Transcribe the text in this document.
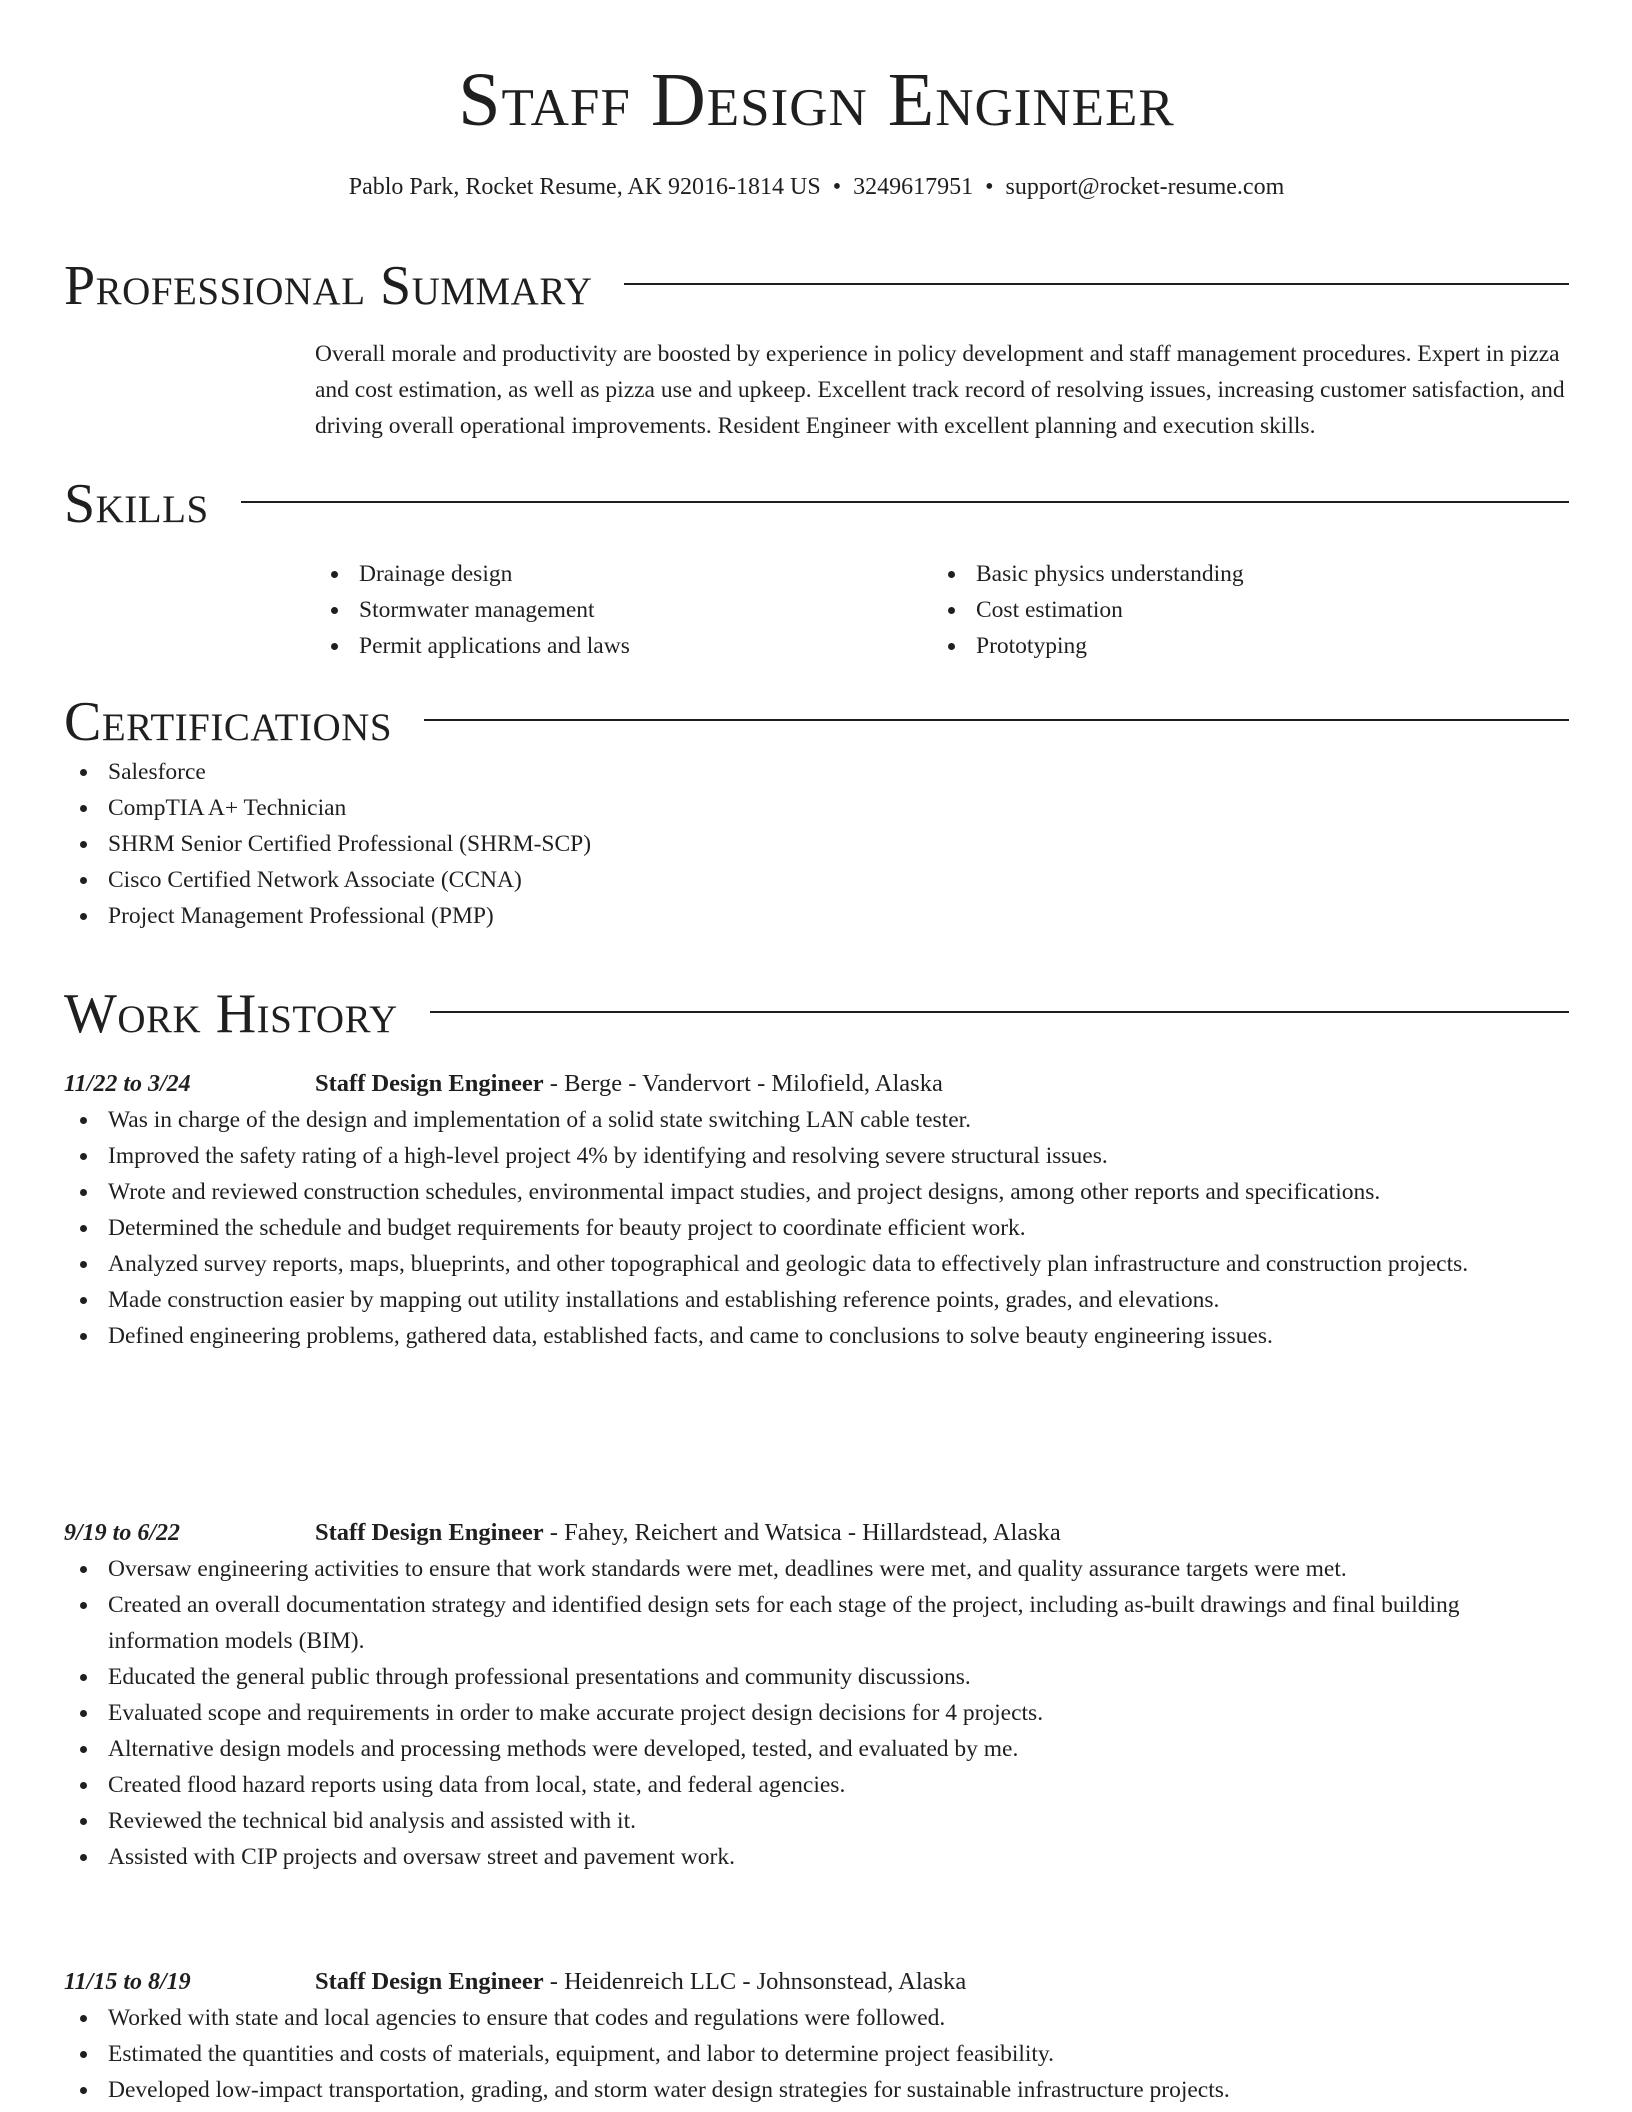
Staff Design Engineer
Pablo Park, Rocket Resume, AK 92016-1814 US • 3249617951 • support@rocket-resume.com
Professional Summary
Overall morale and productivity are boosted by experience in policy development and staff management procedures. Expert in pizza and cost estimation, as well as pizza use and upkeep. Excellent track record of resolving issues, increasing customer satisfaction, and driving overall operational improvements. Resident Engineer with excellent planning and execution skills.
Skills
Drainage design
Stormwater management
Permit applications and laws
Basic physics understanding
Cost estimation
Prototyping
Certifications
Salesforce
CompTIA A+ Technician
SHRM Senior Certified Professional (SHRM-SCP)
Cisco Certified Network Associate (CCNA)
Project Management Professional (PMP)
Work History
11/22 to 3/24	Staff Design Engineer - Berge - Vandervort - Milofield, Alaska
Was in charge of the design and implementation of a solid state switching LAN cable tester.
Improved the safety rating of a high-level project 4% by identifying and resolving severe structural issues.
Wrote and reviewed construction schedules, environmental impact studies, and project designs, among other reports and specifications.
Determined the schedule and budget requirements for beauty project to coordinate efficient work.
Analyzed survey reports, maps, blueprints, and other topographical and geologic data to effectively plan infrastructure and construction projects.
Made construction easier by mapping out utility installations and establishing reference points, grades, and elevations.
Defined engineering problems, gathered data, established facts, and came to conclusions to solve beauty engineering issues.
9/19 to 6/22	Staff Design Engineer - Fahey, Reichert and Watsica - Hillardstead, Alaska
Oversaw engineering activities to ensure that work standards were met, deadlines were met, and quality assurance targets were met.
Created an overall documentation strategy and identified design sets for each stage of the project, including as-built drawings and final building information models (BIM).
Educated the general public through professional presentations and community discussions.
Evaluated scope and requirements in order to make accurate project design decisions for 4 projects.
Alternative design models and processing methods were developed, tested, and evaluated by me.
Created flood hazard reports using data from local, state, and federal agencies.
Reviewed the technical bid analysis and assisted with it.
Assisted with CIP projects and oversaw street and pavement work.
11/15 to 8/19	Staff Design Engineer - Heidenreich LLC - Johnsonstead, Alaska
Worked with state and local agencies to ensure that codes and regulations were followed.
Estimated the quantities and costs of materials, equipment, and labor to determine project feasibility.
Developed low-impact transportation, grading, and storm water design strategies for sustainable infrastructure projects.
